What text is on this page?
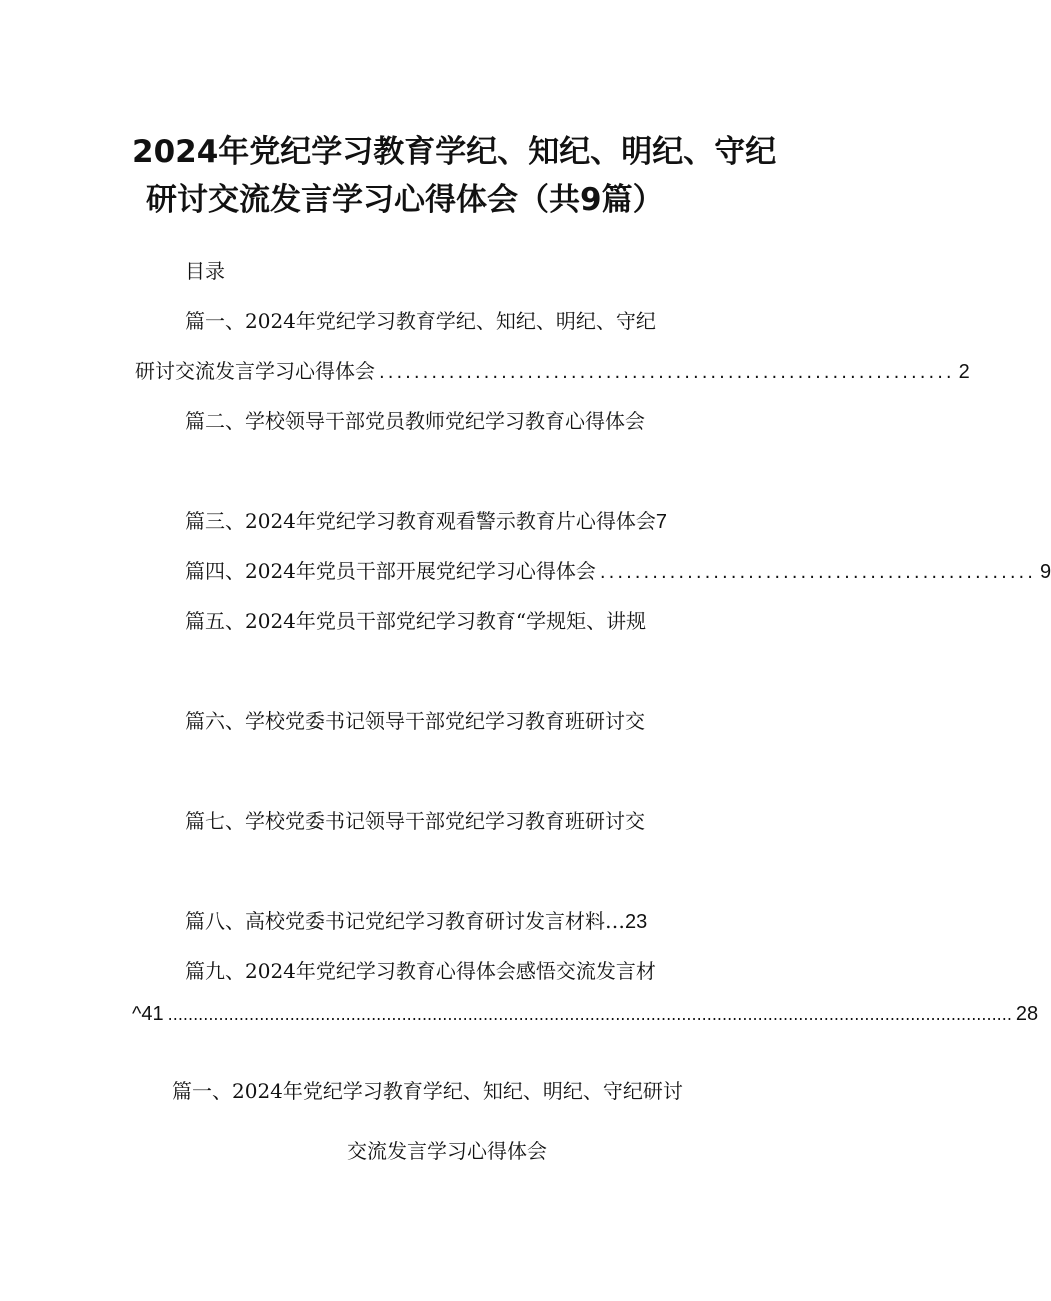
2024年党纪学习教育学纪、知纪、明纪、守纪
研讨交流发言学习心得体会（共9篇）
目录
篇一、2024年党纪学习教育学纪、知纪、明纪、守纪
研讨交流发言学习心得体会 .................................................................. 2
篇二、学校领导干部党员教师党纪学习教育心得体会
篇三、2024年党纪学习教育观看警示教育片心得体会 7
篇四、2024年党员干部开展党纪学习心得体会 .................................................. 9
篇五、2024年党员干部党纪学习教育“学规矩、讲规
篇六、学校党委书记领导干部党纪学习教育班研讨交
篇七、学校党委书记领导干部党纪学习教育班研讨交
篇八、高校党委书记党纪学习教育研讨发言材料… 23
篇九、2024年党纪学习教育心得体会感悟交流发言材
^41 ...................................................................................................................................................................... 28
篇一、2024年党纪学习教育学纪、知纪、明纪、守纪研讨
交流发言学习心得体会
